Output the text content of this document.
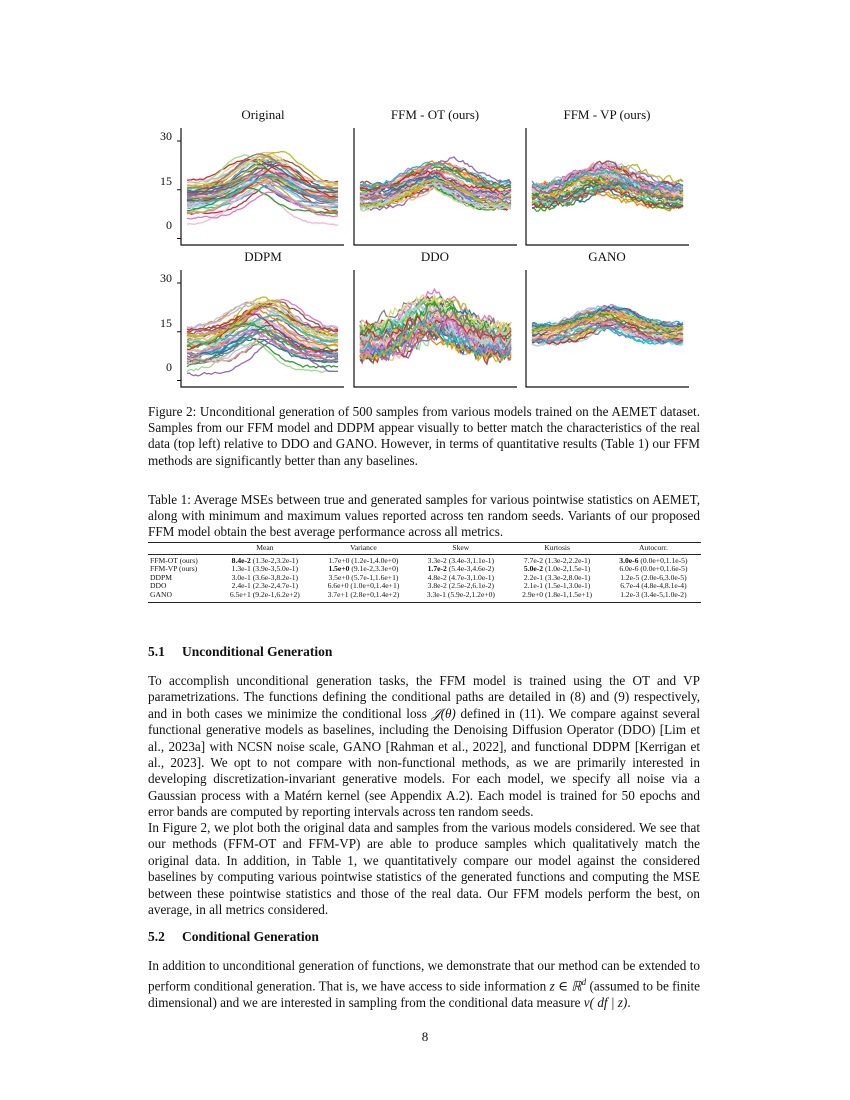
Original	FFM - OT (ours)	FFM - VP (ours)
DDPM	DDO	GANO
30
15
0
30
15
0

Figure 2: Unconditional generation of 500 samples from various models trained on the AEMET dataset. Samples from our FFM model and DDPM appear visually to better match the characteristics of the real data (top left) relative to DDO and GANO. However, in terms of quantitative results (Table 1) our FFM methods are significantly better than any baselines.

Table 1: Average MSEs between true and generated samples for various pointwise statistics on AEMET, along with minimum and maximum values reported across ten random seeds. Variants of our proposed FFM model obtain the best average performance across all metrics.

	Mean	Variance	Skew	Kurtosis	Autocorr.
FFM-OT (ours)	8.4e-2 (1.3e-2,3.2e-1)	1.7e+0 (1.2e-1,4.0e+0)	3.3e-2 (3.4e-3,1.1e-1)	7.7e-2 (1.3e-2,2.2e-1)	3.0e-6 (0.0e+0,1.1e-5)
FFM-VP (ours)	1.3e-1 (3.9e-3,5.0e-1)	1.5e+0 (9.1e-2,3.3e+0)	1.7e-2 (5.4e-3,4.6e-2)	5.0e-2 (1.0e-2,1.5e-1)	6.0e-6 (0.0e+0,1.6e-5)
DDPM	3.0e-1 (3.6e-3,8.2e-1)	3.5e+0 (5.7e-1,1.6e+1)	4.8e-2 (4.7e-3,1.0e-1)	2.2e-1 (3.3e-2,8.0e-1)	1.2e-5 (2.0e-6,3.0e-5)
DDO	2.4e-1 (2.3e-2,4.7e-1)	6.6e+0 (1.0e+0,1.4e+1)	3.8e-2 (2.5e-2,6.1e-2)	2.1e-1 (1.5e-1,3.0e-1)	6.7e-4 (4.8e-4,8.1e-4)
GANO	6.5e+1 (9.2e-1,6.2e+2)	3.7e+1 (2.8e+0,1.4e+2)	3.3e-1 (5.9e-2,1.2e+0)	2.9e+0 (1.8e-1,1.5e+1)	1.2e-3 (3.4e-5,1.0e-2)
5.1 Unconditional Generation

To accomplish unconditional generation tasks, the FFM model is trained using the OT and VP parametrizations. The functions defining the conditional paths are detailed in (8) and (9) respectively, and in both cases we minimize the conditional loss 𝒥(θ) defined in (11). We compare against several functional generative models as baselines, including the Denoising Diffusion Operator (DDO) [Lim et al., 2023a] with NCSN noise scale, GANO [Rahman et al., 2022], and functional DDPM [Kerrigan et al., 2023]. We opt to not compare with non-functional methods, as we are primarily interested in developing discretization-invariant generative models. For each model, we specify all noise via a Gaussian process with a Matérn kernel (see Appendix A.2). Each model is trained for 50 epochs and error bands are computed by reporting intervals across ten random seeds.

In Figure 2, we plot both the original data and samples from the various models considered. We see that our methods (FFM-OT and FFM-VP) are able to produce samples which qualitatively match the original data. In addition, in Table 1, we quantitatively compare our model against the considered baselines by computing various pointwise statistics of the generated functions and computing the MSE between these pointwise statistics and those of the real data. Our FFM models perform the best, on average, in all metrics considered.

5.2 Conditional Generation

In addition to unconditional generation of functions, we demonstrate that our method can be extended to perform conditional generation. That is, we have access to side information z ∈ ℝ$^d$ (assumed to be finite dimensional) and we are interested in sampling from the conditional data measure ν( df | z).

8
